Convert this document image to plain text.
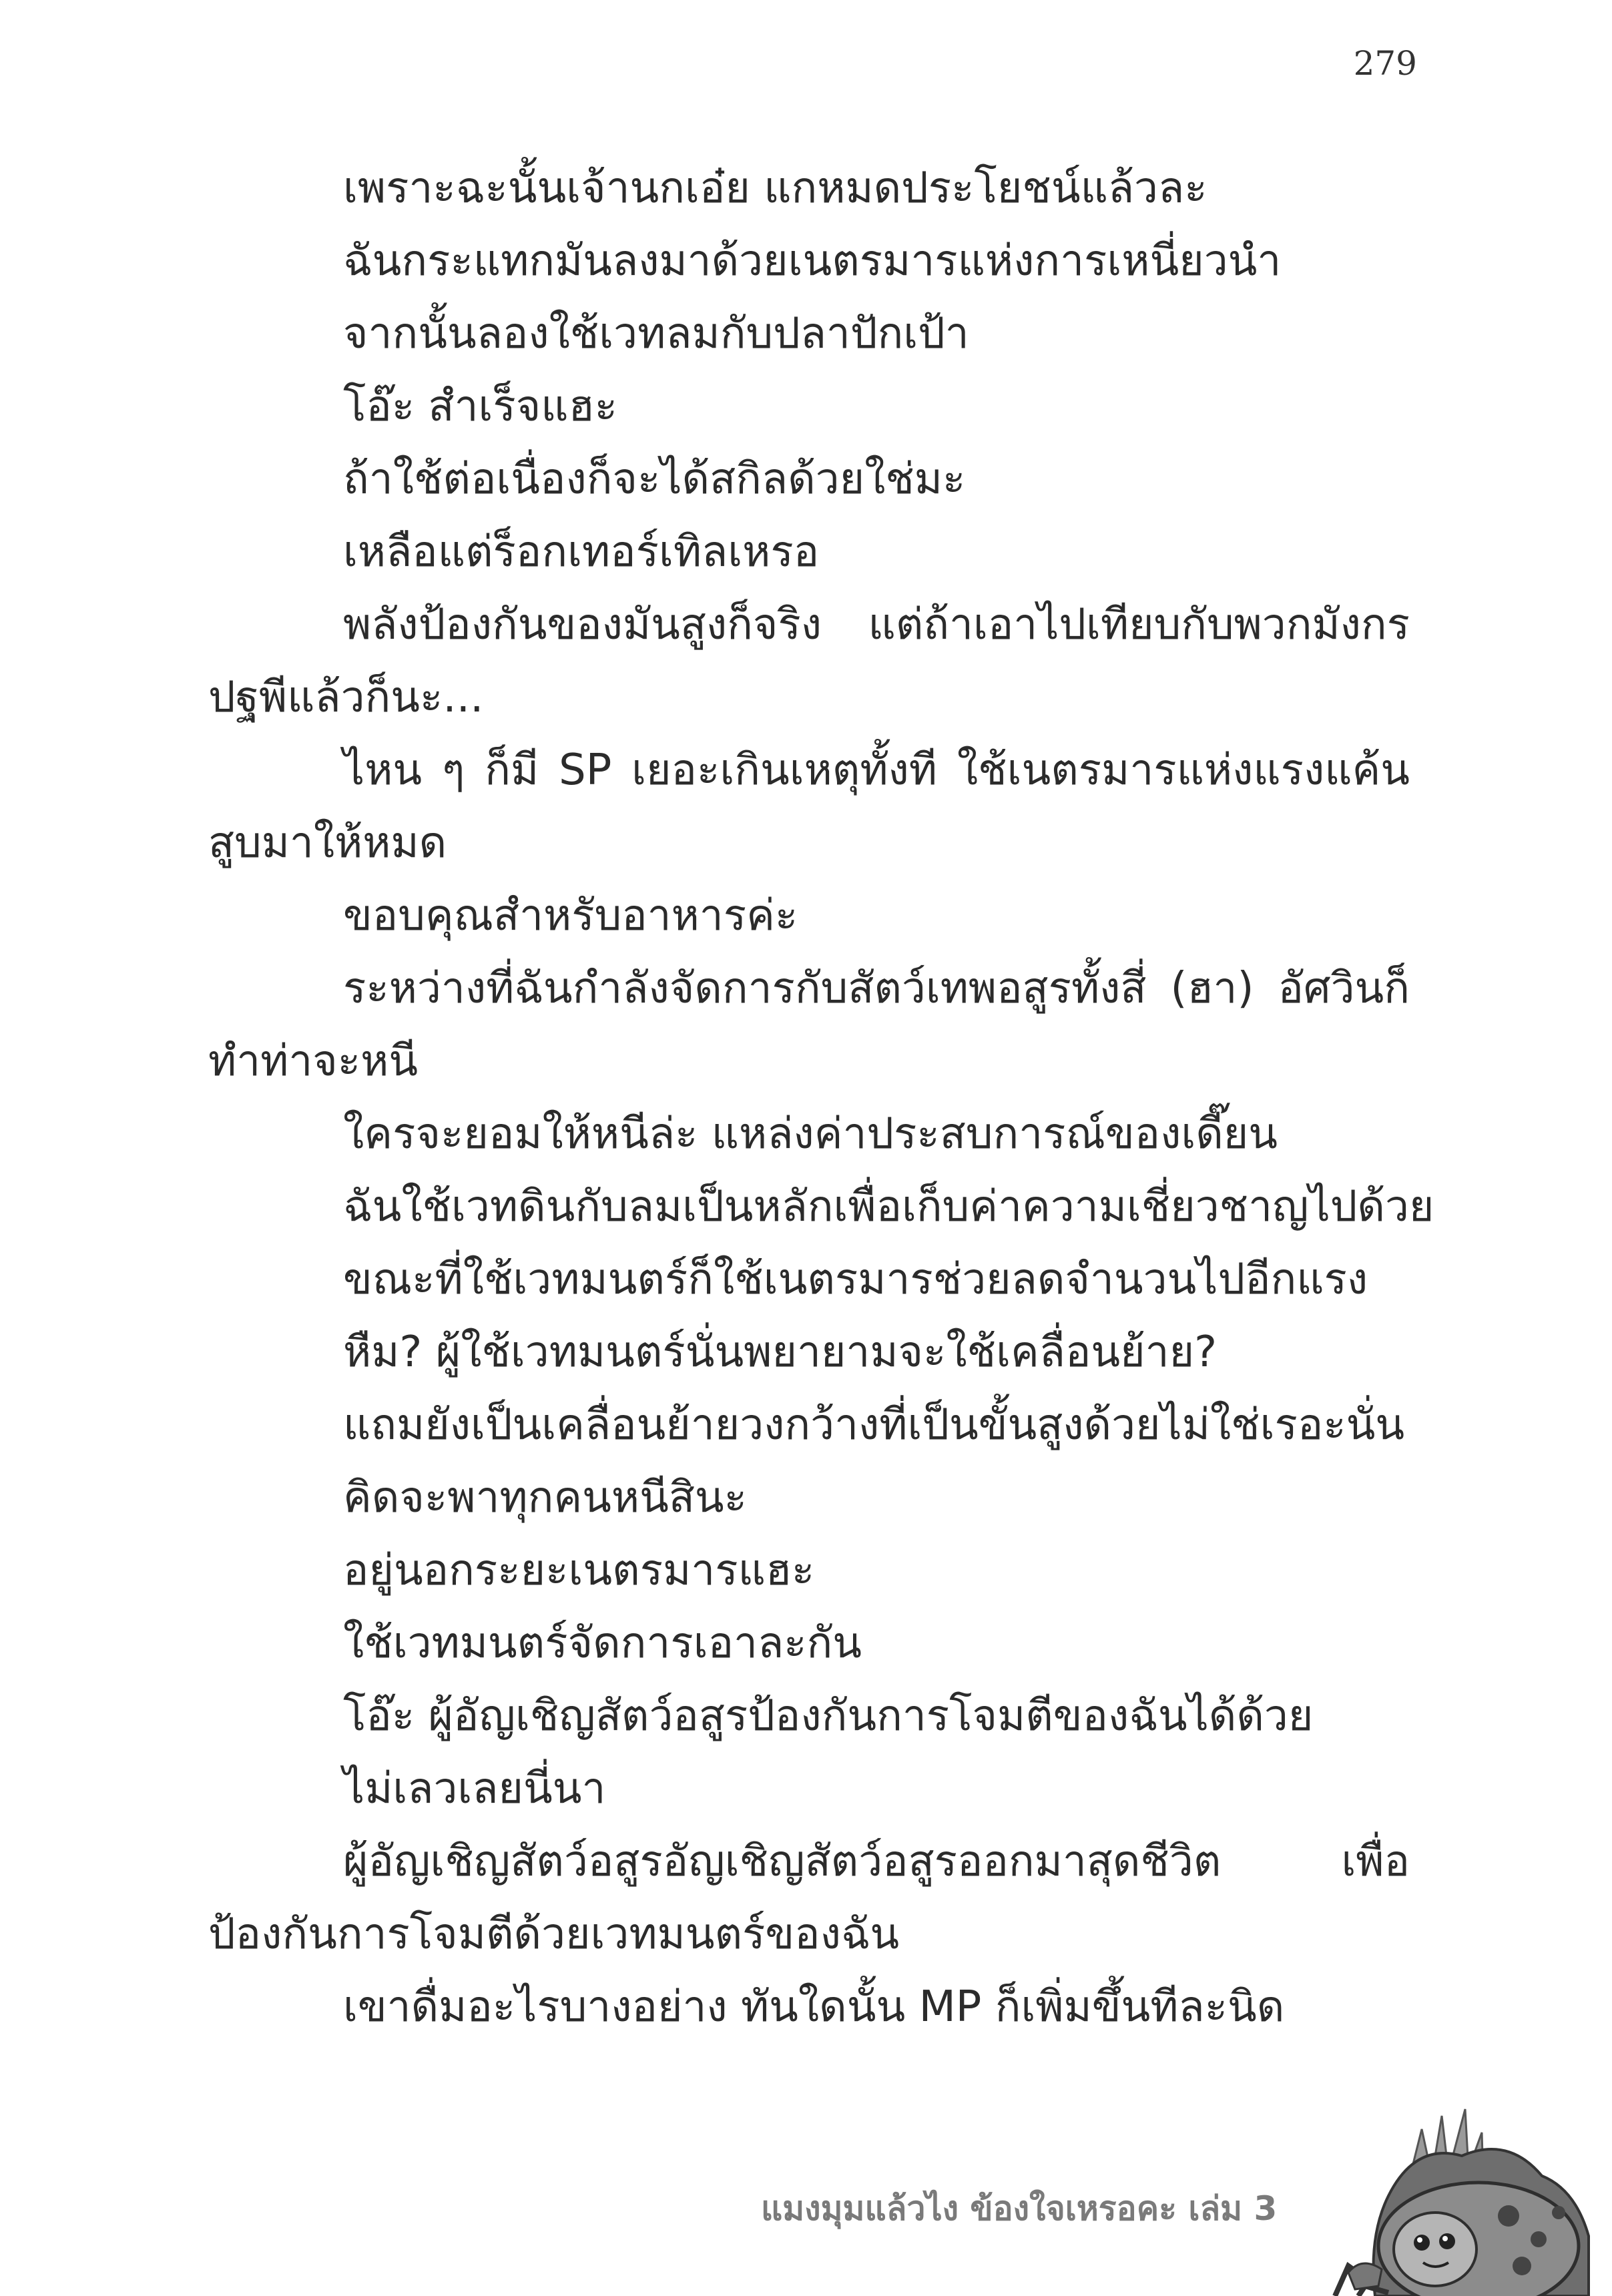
279

เพราะฉะนั้นเจ้านกเอ๋ย แกหมดประโยชน์แล้วละ

ฉันกระแทกมันลงมาด้วยเนตรมารแห่งการเหนี่ยวนำ

จากนั้นลองใช้เวทลมกับปลาปักเป้า

โอ๊ะ สำเร็จแฮะ

ถ้าใช้ต่อเนื่องก็จะได้สกิลด้วยใช่มะ

เหลือแต่ร็อกเทอร์เทิลเหรอ

พลังป้องกันของมันสูงก็จริง แต่ถ้าเอาไปเทียบกับพวกมังกรปฐพีแล้วก็นะ...

ไหน ๆ ก็มี SP เยอะเกินเหตุทั้งที ใช้เนตรมารแห่งแรงแค้นสูบมาให้หมด

ขอบคุณสำหรับอาหารค่ะ

ระหว่างที่ฉันกำลังจัดการกับสัตว์เทพอสูรทั้งสี่ (ฮา) อัศวินก็ทำท่าจะหนี

ใครจะยอมให้หนีล่ะ แหล่งค่าประสบการณ์ของเดี๊ยน

ฉันใช้เวทดินกับลมเป็นหลักเพื่อเก็บค่าความเชี่ยวชาญไปด้วย

ขณะที่ใช้เวทมนตร์ก็ใช้เนตรมารช่วยลดจำนวนไปอีกแรง

หืม? ผู้ใช้เวทมนตร์นั่นพยายามจะใช้เคลื่อนย้าย?

แถมยังเป็นเคลื่อนย้ายวงกว้างที่เป็นขั้นสูงด้วยไม่ใช่เรอะนั่น

คิดจะพาทุกคนหนีสินะ

อยู่นอกระยะเนตรมารแฮะ

ใช้เวทมนตร์จัดการเอาละกัน

โอ๊ะ ผู้อัญเชิญสัตว์อสูรป้องกันการโจมตีของฉันได้ด้วย

ไม่เลวเลยนี่นา

ผู้อัญเชิญสัตว์อสูรอัญเชิญสัตว์อสูรออกมาสุดชีวิต เพื่อป้องกันการโจมตีด้วยเวทมนตร์ของฉัน

เขาดื่มอะไรบางอย่าง ทันใดนั้น MP ก็เพิ่มขึ้นทีละนิด

แมงมุมแล้วไง ข้องใจเหรอคะ เล่ม 3
